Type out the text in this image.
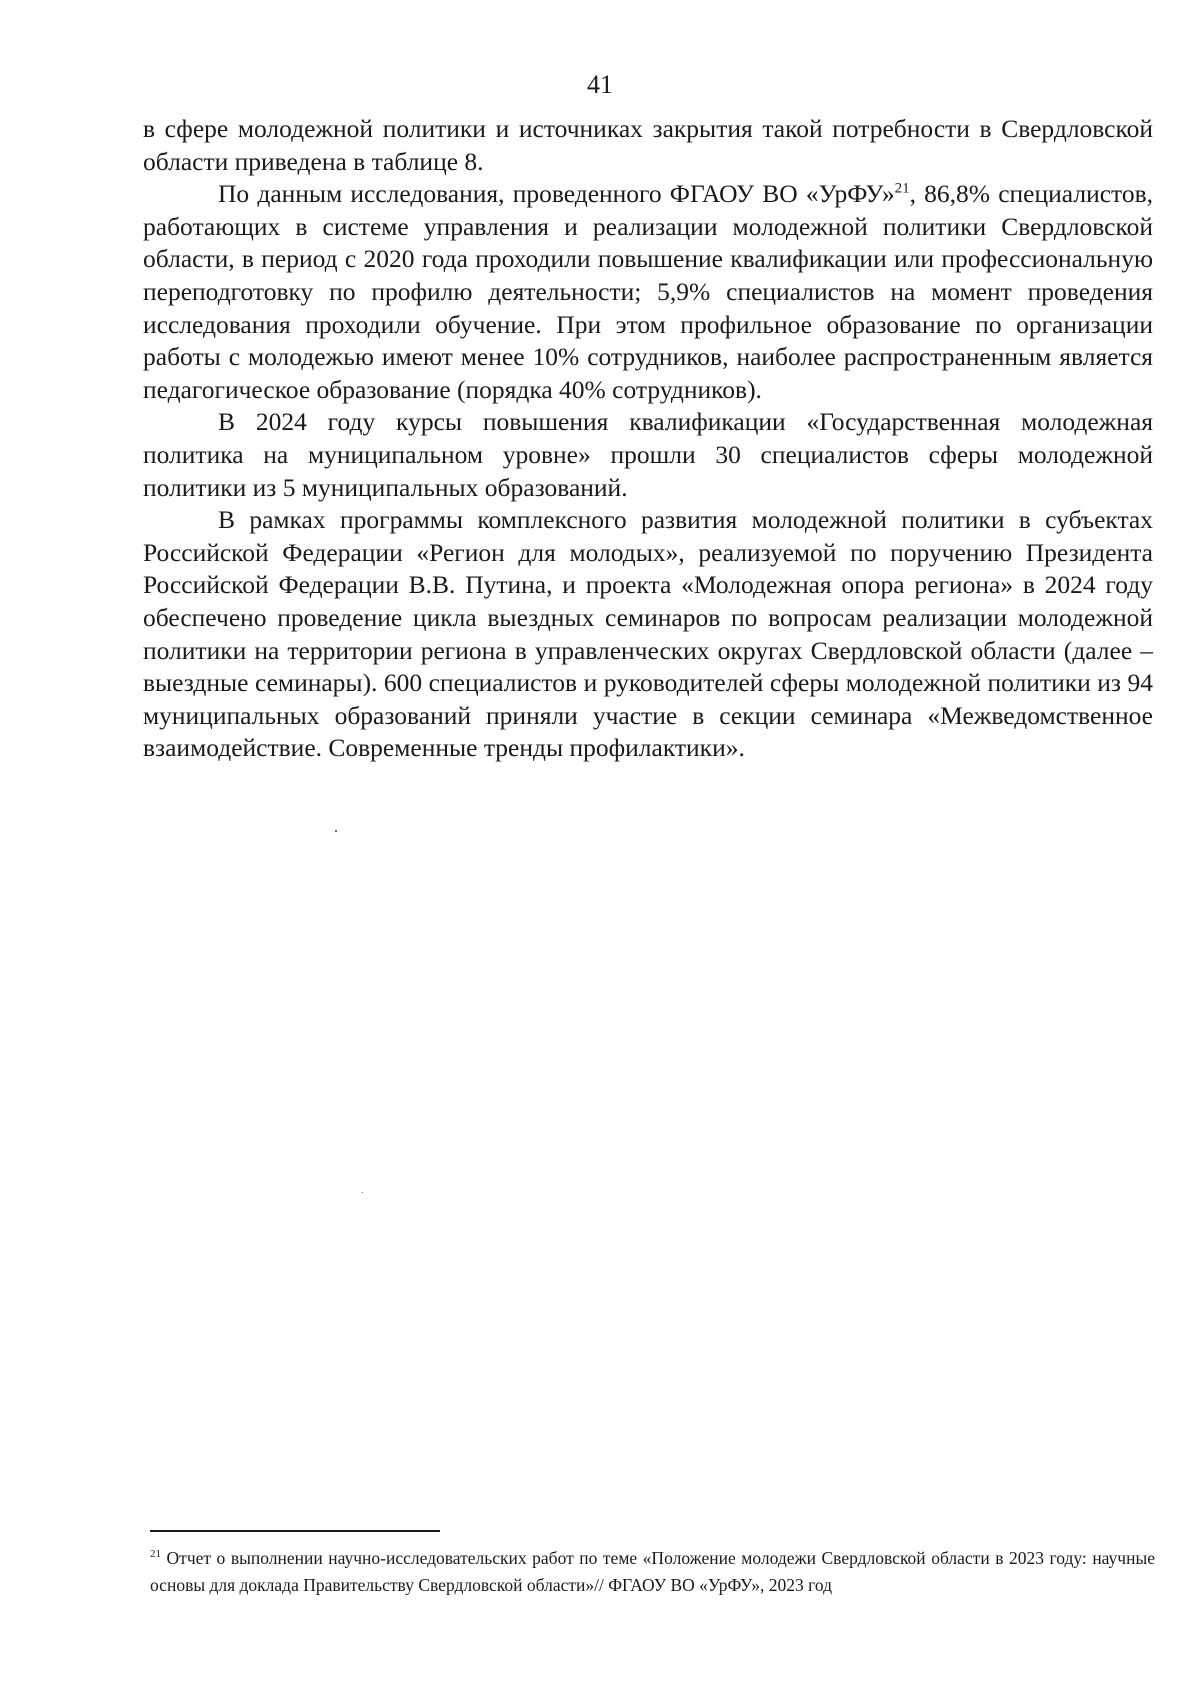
41

в сфере молодежной политики и источниках закрытия такой потребности в Свердловской области приведена в таблице 8.

По данным исследования, проведенного ФГАОУ ВО «УрФУ»$^{21}$, 86,8% специалистов, работающих в системе управления и реализации молодежной политики Свердловской области, в период с 2020 года проходили повышение квалификации или профессиональную переподготовку по профилю деятельности; 5,9% специалистов на момент проведения исследования проходили обучение. При этом профильное образование по организации работы с молодежью имеют менее 10% сотрудников, наиболее распространенным является педагогическое образование (порядка 40% сотрудников).

В 2024 году курсы повышения квалификации «Государственная молодежная политика на муниципальном уровне» прошли 30 специалистов сферы молодежной политики из 5 муниципальных образований.

В рамках программы комплексного развития молодежной политики в субъектах Российской Федерации «Регион для молодых», реализуемой по поручению Президента Российской Федерации В.В. Путина, и проекта «Молодежная опора региона» в 2024 году обеспечено проведение цикла выездных семинаров по вопросам реализации молодежной политики на территории региона в управленческих округах Свердловской области (далее – выездные семинары). 600 специалистов и руководителей сферы молодежной политики из 94 муниципальных образований приняли участие в секции семинара «Межведомственное взаимодействие. Современные тренды профилактики».

$^{21}$ Отчет о выполнении научно-исследовательских работ по теме «Положение молодежи Свердловской области в 2023 году: научные основы для доклада Правительству Свердловской области»// ФГАОУ ВО «УрФУ», 2023 год
